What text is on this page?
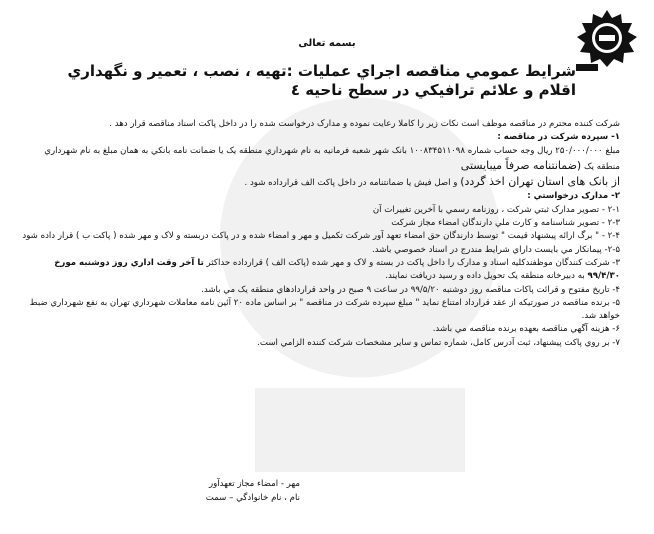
بسمه تعالی
شرايط عمومي مناقصه اجراي عمليات :تهيه ، نصب ، تعمير و نگهداري اقلام و علائم ترافيکي در سطح ناحيه ٤

شرکت کننده محترم در مناقصه موظف است نکات زير را کاملا رعايت نموده و مدارک درخواست شده را در داخل پاکت اسناد مناقصه قرار دهد .

۱- سپرده شرکت در مناقصه :

مبلغ ۲۵۰/۰۰۰/۰۰۰ ريال وجه حساب شماره ۱۰۰۸۳۴۵۱۱۰۹۸ بانک شهر شعبه فرمانيه به نام شهرداري منطقه يک يا ضمانت نامه بانکي به همان مبلغ به نام شهرداري منطقه يک (ضمانتنامه صرفاً میبایستی

از بانک های استان تهران اخذ گردد) و اصل فيش يا ضمانتنامه در داخل پاکت الف قرارداده شود .

۲- مدارک درخواستي :

۲-۱ - تصوير مدارک ثبتي شرکت ، روزنامه رسمي با آخرين تغييرات آن

۲-۳ - تصوير شناسنامه و کارت ملي دارندگان امضاء مجاز شرکت

۲-۴ - " برگ ارائه پيشنهاد قيمت " توسط دارندگان حق امضاء تعهد آور شرکت تکميل و مهر و امضاء شده و در پاکت دربسته و لاک و مهر شده ( پاکت ب ) قرار داده شود

۲-۵- پيمانکار مي بايست داراي شرايط مندرج در اسناد خصوصي باشد.

۳- شرکت کنندگان موظفندکليه اسناد و مدارک را داخل پاکت در بسته و لاک و مهر شده (پاکت الف ) قرارداده حداکثر تا آخر وقت اداري روز دوشنبه مورخ ۹۹/۴/۳۰ به دبيرخانه منطقه يک تحويل داده و رسيد دريافت نمايند.

۴- تاريخ مفتوح و قرائت پاکات مناقصه روز دوشنبه ۹۹/۵/۲۰ در ساعت ۹ صبح در واحد قراردادهاي منطقه يک مي باشد.

۵- برنده مناقصه در صورتيکه از عقد قرارداد امتناع نمايد " مبلغ سپرده شرکت در مناقصه " بر اساس ماده ۲۰ آئين نامه معاملات شهرداري تهران به نفع شهرداري ضبط خواهد شد.

۶- هزينه آگهي مناقصه بعهده برنده مناقصه مي باشد.

۷- بر روي پاکت پيشنهاد، ثبت آدرس کامل، شماره تماس و ساير مشخصات شرکت کننده الزامي است.

مهر - امضاء مجاز تعهدآور
نام ، نام خانوادگي – سمت
